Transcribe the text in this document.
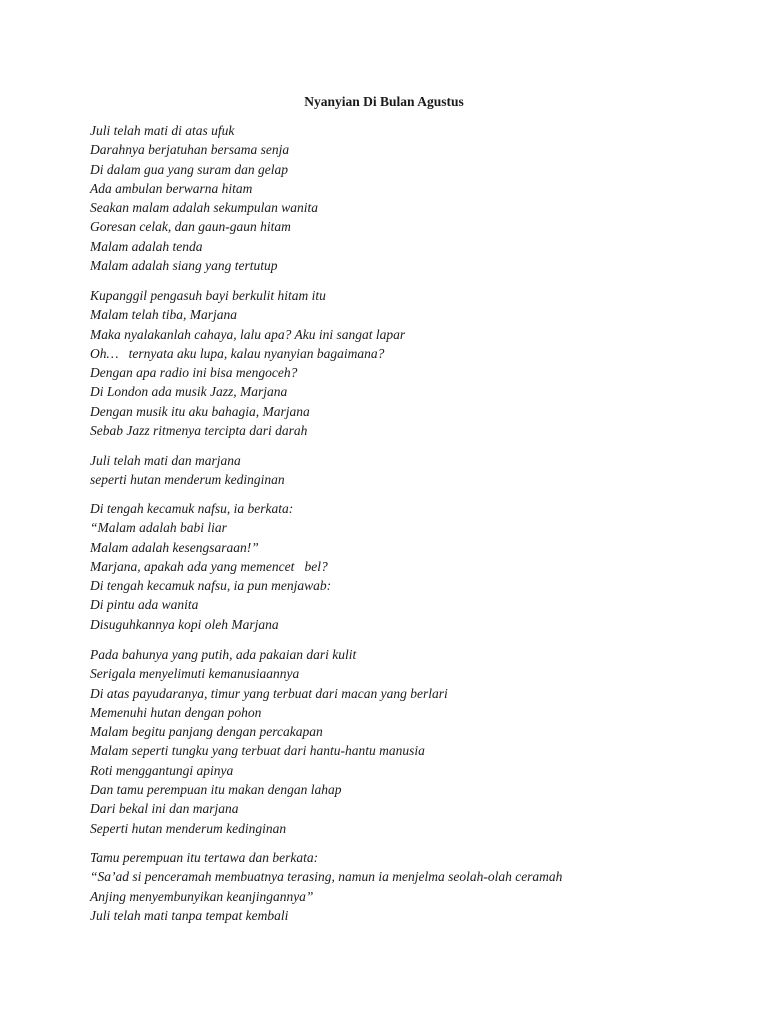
Nyanyian Di Bulan Agustus
Juli telah mati di atas ufuk
Darahnya berjatuhan bersama senja
Di dalam gua yang suram dan gelap
Ada ambulan berwarna hitam
Seakan malam adalah sekumpulan wanita
Goresan celak, dan gaun-gaun hitam
Malam adalah tenda
Malam adalah siang yang tertutup
Kupanggil pengasuh bayi berkulit hitam itu
Malam telah tiba, Marjana
Maka nyalakanlah cahaya, lalu apa? Aku ini sangat lapar
Oh…   ternyata aku lupa, kalau nyanyian bagaimana?
Dengan apa radio ini bisa mengoceh?
Di London ada musik Jazz, Marjana
Dengan musik itu aku bahagia, Marjana
Sebab Jazz ritmenya tercipta dari darah
Juli telah mati dan marjana
seperti hutan menderum kedinginan
Di tengah kecamuk nafsu, ia berkata:
“Malam adalah babi liar
Malam adalah kesengsaraan!”
Marjana, apakah ada yang memencet   bel?
Di tengah kecamuk nafsu, ia pun menjawab:
Di pintu ada wanita
Disuguhkannya kopi oleh Marjana
Pada bahunya yang putih, ada pakaian dari kulit
Serigala menyelimuti kemanusiaannya
Di atas payudaranya, timur yang terbuat dari macan yang berlari
Memenuhi hutan dengan pohon
Malam begitu panjang dengan percakapan
Malam seperti tungku yang terbuat dari hantu-hantu manusia
Roti menggantungi apinya
Dan tamu perempuan itu makan dengan lahap
Dari bekal ini dan marjana
Seperti hutan menderum kedinginan
Tamu perempuan itu tertawa dan berkata:
“Sa’ad si penceramah membuatnya terasing, namun ia menjelma seolah-olah ceramah
Anjing menyembunyikan keanjingannya”
Juli telah mati tanpa tempat kembali
